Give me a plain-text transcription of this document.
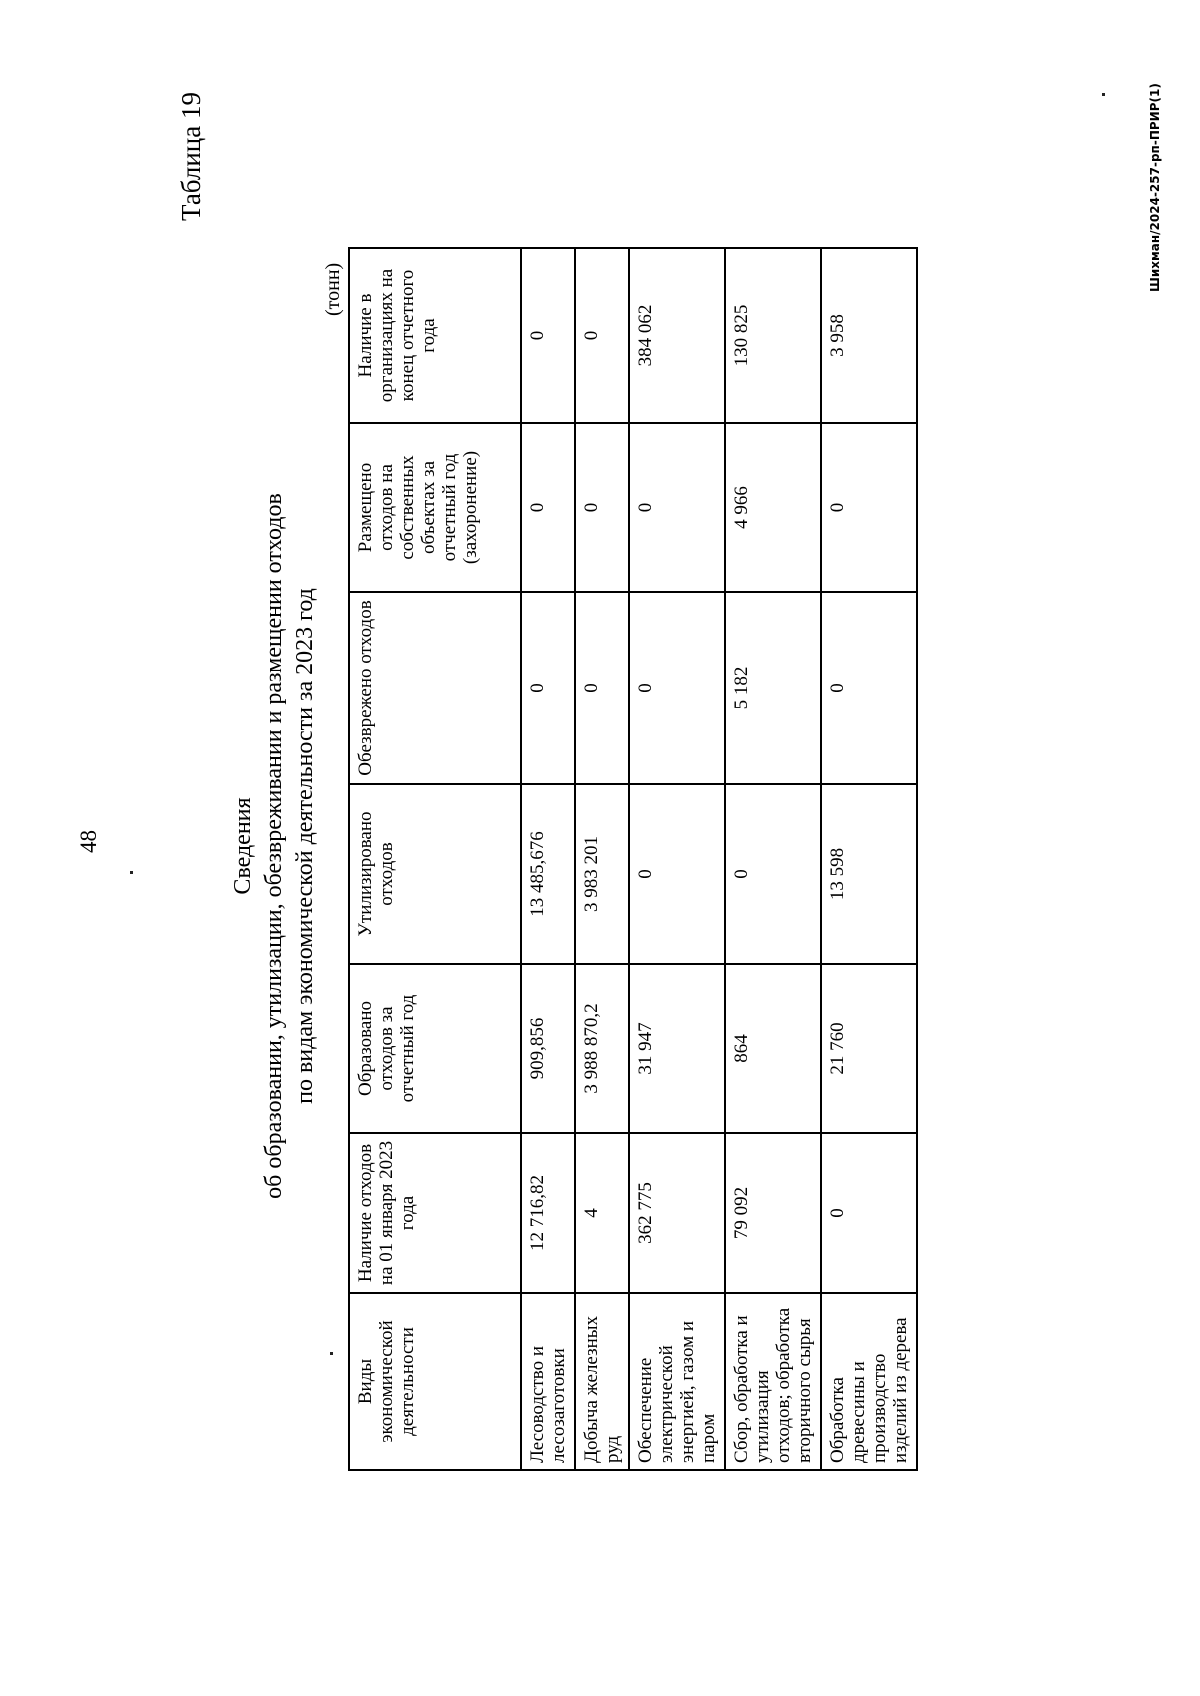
Таблица 19
48	Сведения об образовании, утилизации, обезвреживании и размещении отходов по видам экономической деятельности за 2023 год
(тонн)
Виды экономической деятельности	Наличие отходов на 01 января 2023 года	Образовано отходов за отчетный год	Утилизировано отходов	Обезврежено отходов	Размещено отходов на собственных объектах за отчетный год (захоронение)	Наличие в организациях на конец отчетного года
Лесоводство и лесозаготовки	12 716,82	909,856	13 485,676	0	0	0
Добыча железных руд	4	3 988 870,2	3 983 201	0	0	0
Обеспечение электрической энергией, газом и паром	362 775	31 947	0	0	0	384 062
Сбор, обработка и утилизация отходов; обработка вторичного сырья	79 092	864	0	5 182	4 966	130 825
Обработка древесины и производство изделий из дерева	0	21 760	13 598	0	0	3 958
Шихман/2024-257-рп-ПРИР(1)
